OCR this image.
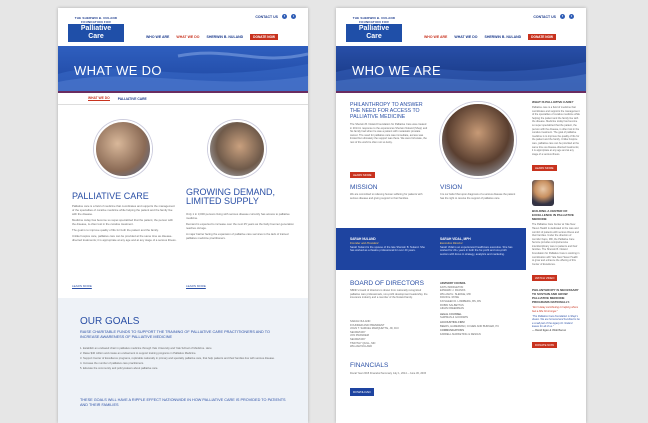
THE SHERWIN B. NULAND FOUNDATION FOR
Palliative
Care
CONTACT US	f	t
WHO WE ARE WHAT WE DO SHERWIN B. NULAND	DONATE NOW
WHAT WE DO
WHAT WE DO PALLIATIVE CARE
PALLIATIVE CARE

Palliative care is a field of medicine that coordinates and supports the management of the specialties of curative medicine while helping the patient and the family live with the disease.

Medicine today has become so super-specialized that the patient, the person with the disease, is often lost in the curative treatment.

The goal is to improve quality of life for both the patient and the family.

Unlike hospice care, palliative care can be provided at the same time as disease-directed treatments; it is appropriate at any age and at any stage of a serious illness.

LEARN MORE
GROWING DEMAND,
LIMITED SUPPLY

Only 1 in 3,000 persons living with serious disease currently has access to palliative medicine.

Demand is expected to increase over the next 25 years as the baby boomer generation reaches old age.

A major barrier facing the expansion of palliative care services is the lack of trained palliative medicine practitioners.

LEARN MORE
OUR GOALS
RAISE CHARITABLE FUNDS TO SUPPORT THE TRAINING OF PALLIATIVE CARE PRACTITIONERS AND TO INCREASE AWARENESS OF PALLIATIVE MEDICINE
1. Establish an endowed chair in palliative medicine through Yale University and Yale School of Medicine. Here
2. Raise $40 million and create an endowment to support training programs in Palliative Medicine.
3. Support Center of Excellence programs, replicable nationally in primary and specialty palliative care, that help patients and their families live with serious disease.
4. Increase the number of palliative care practitioners.
5. Educate the community and policymakers about palliative care.
THESE GOALS WILL HAVE A RIPPLE EFFECT NATIONWIDE IN HOW PALLIATIVE CARE IS PROVIDED TO PATIENTS AND THEIR FAMILIES
THE SHERWIN B. NULAND FOUNDATION FOR
Palliative
Care
CONTACT US	f	t
WHO WE ARE WHAT WE DO SHERWIN B. NULAND	DONATE NOW
WHO WE ARE
PHILANTHROPY TO ANSWER THE NEED FOR ACCESS TO PALLIATIVE MEDICINE
The Sherwin B. Nuland Foundation for Palliative Care was created in 2014 in response to the experiences Sherwin Nuland (Shep) and his family had when he was a patient with metastatic prostate cancer. The need for palliative care was immediate, access was limited but ultimately the support was there. We were fortunate, the rest of the world is often not so lucky.
LEARN MORE
MISSION
We are committed to relieving human suffering for patients with serious disease and giving support to their families.
VISION
It is our belief that upon diagnosis of a serious disease the patient has the right to receive the support of palliative care.
SARAH NULAND
Founder and President
Sarah Nuland is the spouse of the late Sherwin B. Nuland. She has worked as a theatre professional for over 40 years.
SARAH VIDAL, MPH
Executive Director
Sarah Vidal is an experienced healthcare executive. She has worked for 20+ years in both the for-profit and non-profit sectors with focus in strategy, analytics and marketing.
BOARD OF DIRECTORS
NBNF’s board of directors is drawn from nationally recognized palliative care professionals, non-profit development leadership, the insurance industry and a member of the Nuland family.
SARAH NULAND
FOUNDER AND PRESIDENT
JOHN T. SAMUEL MARQUETTE, JD, DUI
SECRETARY
JON PRANDEM
SECRETARY
TIMOTHY QUILL, MD
WILLIAM NULAND
ADVISORY COUNCIL
FAITH MIDDLETON
EDWARD J. FRANKS
WILLIAM H. SLEDGE, MD
DAVID E. ROSE
KATHLEEN D. LINDBERG, BS, RN
ROBIN SALBETTAS
AIDAN FREEDIMAN
LEGAL COUNSEL
SHIPMAN & GOODWIN
ACCOUNTING FIRM
BEERS, HAMERMAN, COHEN AND BURGER, PC
COMMUNICATIONS
FARRELL MARKETING & DESIGN
FINANCIALS
Fiscal Year 2015 Financial Summary July 1, 2014 – June 30, 2015
DOWNLOAD
WHAT IS PALLIATIVE CARE?

Palliative care is a field of medicine that coordinates and supports the management of the specialties of curative medicine while helping the patient and the family live with the disease. Medicine today has become so super specialized that the patient, the person with the disease, is often lost in the curative treatment. The goal of palliative medicine is to improve the quality of life for the patient and the family. Unlike hospice care, palliative care can be provided at the same time as disease-directed treatments; it is appropriate at any age and at any stage of a serious illness.

LEARN MORE
BUILDING A CENTER OF EXCELLENCE IN PALLIATIVE MEDICINE

The Palliative Care Center at Yale New Haven Health is dedicated to the care and comfort of patients with serious illness and their families. Under the direction of Jennifer Kapo, MD, the Palliative Care Service provides comprehensive interdisciplinary care to patients and their families. The Sherwin B. Nuland Foundation for Palliative Care is working in coordination with Yale New Haven Health to grow and enhance the offering of this Center of Excellence.

WATCH VIDEO
PHILANTHROPY IS NECESSARY TO SUSTAIN AND GROW PALLIATIVE MEDICINE PROGRAMS NATIONALLY.

“Don’t delay contributing to helping others feel a little bit stronger.”

“The Palliative Care Foundation is Shep’s dream. We are honored and humbled to be a small part of the legacy Dr. Nuland leaves for all of us.”

— David Egan & Vikki Bacon

DONATE NOW
